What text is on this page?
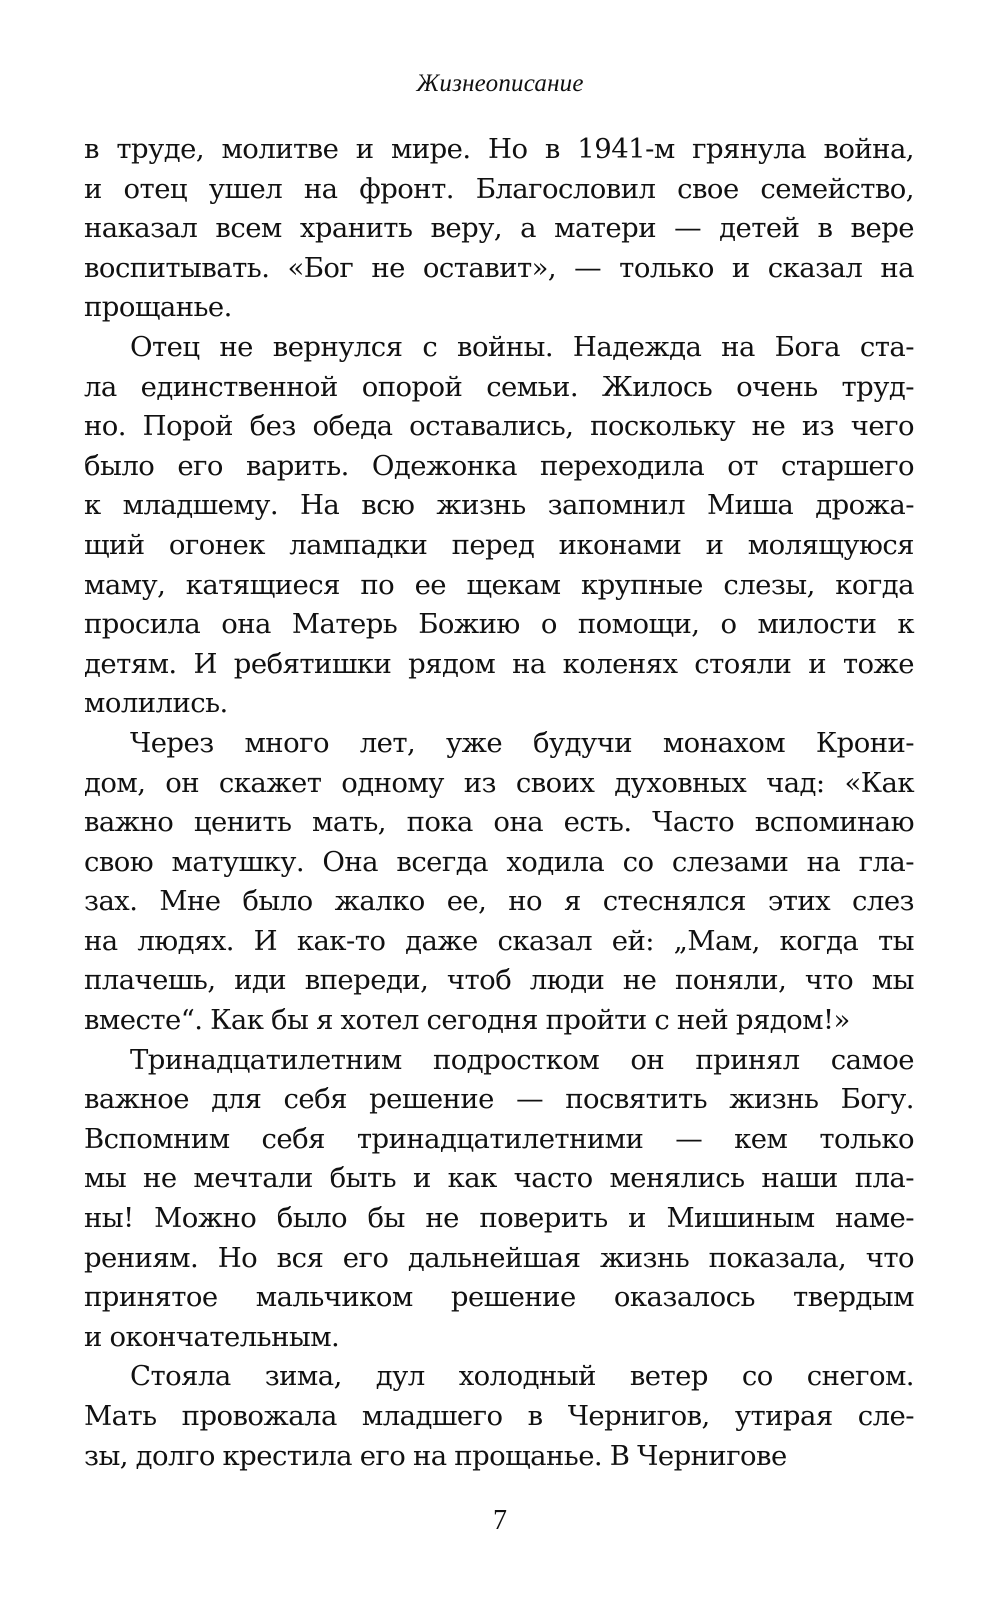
Жизнеописание
в труде, молитве и мире. Но в 1941-м грянула война,
и отец ушел на фронт. Благословил свое семейство,
наказал всем хранить веру, а матери — детей в вере
воспитывать. «Бог не оставит», — только и сказал на
прощанье.
Отец не вернулся с войны. Надежда на Бога ста-
ла единственной опорой семьи. Жилось очень труд-
но. Порой без обеда оставались, поскольку не из чего
было его варить. Одежонка переходила от старшего
к младшему. На всю жизнь запомнил Миша дрожа-
щий огонек лампадки перед иконами и молящуюся
маму, катящиеся по ее щекам крупные слезы, когда
просила она Матерь Божию о помощи, о милости к
детям. И ребятишки рядом на коленях стояли и тоже
молились.
Через много лет, уже будучи монахом Крони-
дом, он скажет одному из своих духовных чад: «Как
важно ценить мать, пока она есть. Часто вспоминаю
свою матушку. Она всегда ходила со слезами на гла-
зах. Мне было жалко ее, но я стеснялся этих слез
на людях. И как-то даже сказал ей: „Мам, когда ты
плачешь, иди впереди, чтоб люди не поняли, что мы
вместе“. Как бы я хотел сегодня пройти с ней рядом!»
Тринадцатилетним подростком он принял самое
важное для себя решение — посвятить жизнь Богу.
Вспомним себя тринадцатилетними — кем только
мы не мечтали быть и как часто менялись наши пла-
ны! Можно было бы не поверить и Мишиным наме-
рениям. Но вся его дальнейшая жизнь показала, что
принятое мальчиком решение оказалось твердым
и окончательным.
Стояла зима, дул холодный ветер со снегом.
Мать провожала младшего в Чернигов, утирая сле-
зы, долго крестила его на прощанье. В Чернигове
7
